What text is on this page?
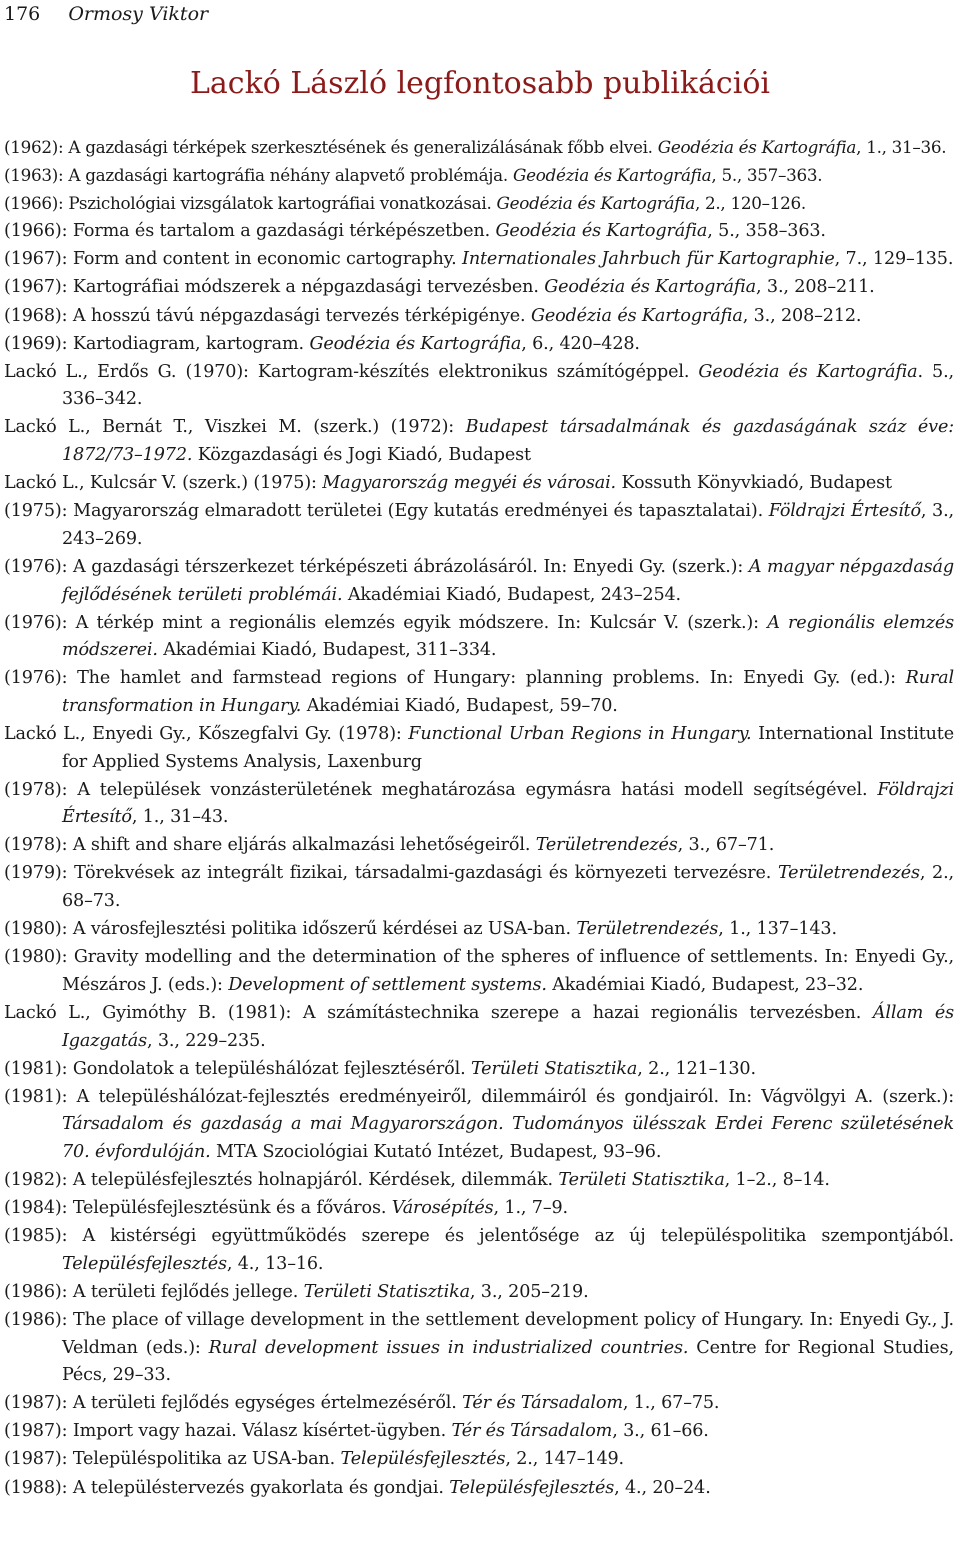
176 Ormosy Viktor
Lackó László legfontosabb publikációi
(1962): A gazdasági térképek szerkesztésének és generalizálásának főbb elvei. Geodézia és Kartográfia, 1., 31–36.
(1963): A gazdasági kartográfia néhány alapvető problémája. Geodézia és Kartográfia, 5., 357–363.
(1966): Pszichológiai vizsgálatok kartográfiai vonatkozásai. Geodézia és Kartográfia, 2., 120–126.
(1966): Forma és tartalom a gazdasági térképészetben. Geodézia és Kartográfia, 5., 358–363.
(1967): Form and content in economic cartography. Internationales Jahrbuch für Kartographie, 7., 129–135.
(1967): Kartográfiai módszerek a népgazdasági tervezésben. Geodézia és Kartográfia, 3., 208–211.
(1968): A hosszú távú népgazdasági tervezés térképigénye. Geodézia és Kartográfia, 3., 208–212.
(1969): Kartodiagram, kartogram. Geodézia és Kartográfia, 6., 420–428.
Lackó L., Erdős G. (1970): Kartogram-készítés elektronikus számítógéppel. Geodézia és Kartográfia. 5., 336–342.
Lackó L., Bernát T., Viszkei M. (szerk.) (1972): Budapest társadalmának és gazdaságának száz éve: 1872/73–1972. Közgazdasági és Jogi Kiadó, Budapest
Lackó L., Kulcsár V. (szerk.) (1975): Magyarország megyéi és városai. Kossuth Könyvkiadó, Budapest
(1975): Magyarország elmaradott területei (Egy kutatás eredményei és tapasztalatai). Földrajzi Értesítő, 3., 243–269.
(1976): A gazdasági térszerkezet térképészeti ábrázolásáról. In: Enyedi Gy. (szerk.): A magyar népgazdaság fejlődésének területi problémái. Akadémiai Kiadó, Budapest, 243–254.
(1976): A térkép mint a regionális elemzés egyik módszere. In: Kulcsár V. (szerk.): A regionális elemzés módszerei. Akadémiai Kiadó, Budapest, 311–334.
(1976): The hamlet and farmstead regions of Hungary: planning problems. In: Enyedi Gy. (ed.): Rural transformation in Hungary. Akadémiai Kiadó, Budapest, 59–70.
Lackó L., Enyedi Gy., Kőszegfalvi Gy. (1978): Functional Urban Regions in Hungary. International Institute for Applied Systems Analysis, Laxenburg
(1978): A települések vonzásterületének meghatározása egymásra hatási modell segítségével. Földrajzi Értesítő, 1., 31–43.
(1978): A shift and share eljárás alkalmazási lehetőségeiről. Területrendezés, 3., 67–71.
(1979): Törekvések az integrált fizikai, társadalmi-gazdasági és környezeti tervezésre. Területrendezés, 2., 68–73.
(1980): A városfejlesztési politika időszerű kérdései az USA-ban. Területrendezés, 1., 137–143.
(1980): Gravity modelling and the determination of the spheres of influence of settlements. In: Enyedi Gy., Mészáros J. (eds.): Development of settlement systems. Akadémiai Kiadó, Budapest, 23–32.
Lackó L., Gyimóthy B. (1981): A számítástechnika szerepe a hazai regionális tervezésben. Állam és Igazgatás, 3., 229–235.
(1981): Gondolatok a településhálózat fejlesztéséről. Területi Statisztika, 2., 121–130.
(1981): A településhálózat-fejlesztés eredményeiről, dilemmáiról és gondjairól. In: Vágvölgyi A. (szerk.): Társadalom és gazdaság a mai Magyarországon. Tudományos ülésszak Erdei Ferenc születésének 70. évfordulóján. MTA Szociológiai Kutató Intézet, Budapest, 93–96.
(1982): A településfejlesztés holnapjáról. Kérdések, dilemmák. Területi Statisztika, 1–2., 8–14.
(1984): Településfejlesztésünk és a főváros. Városépítés, 1., 7–9.
(1985): A kistérségi együttműködés szerepe és jelentősége az új településpolitika szempontjából. Településfejlesztés, 4., 13–16.
(1986): A területi fejlődés jellege. Területi Statisztika, 3., 205–219.
(1986): The place of village development in the settlement development policy of Hungary. In: Enyedi Gy., J. Veldman (eds.): Rural development issues in industrialized countries. Centre for Regional Studies, Pécs, 29–33.
(1987): A területi fejlődés egységes értelmezéséről. Tér és Társadalom, 1., 67–75.
(1987): Import vagy hazai. Válasz kísértet-ügyben. Tér és Társadalom, 3., 61–66.
(1987): Településpolitika az USA-ban. Településfejlesztés, 2., 147–149.
(1988): A településtervezés gyakorlata és gondjai. Településfejlesztés, 4., 20–24.
